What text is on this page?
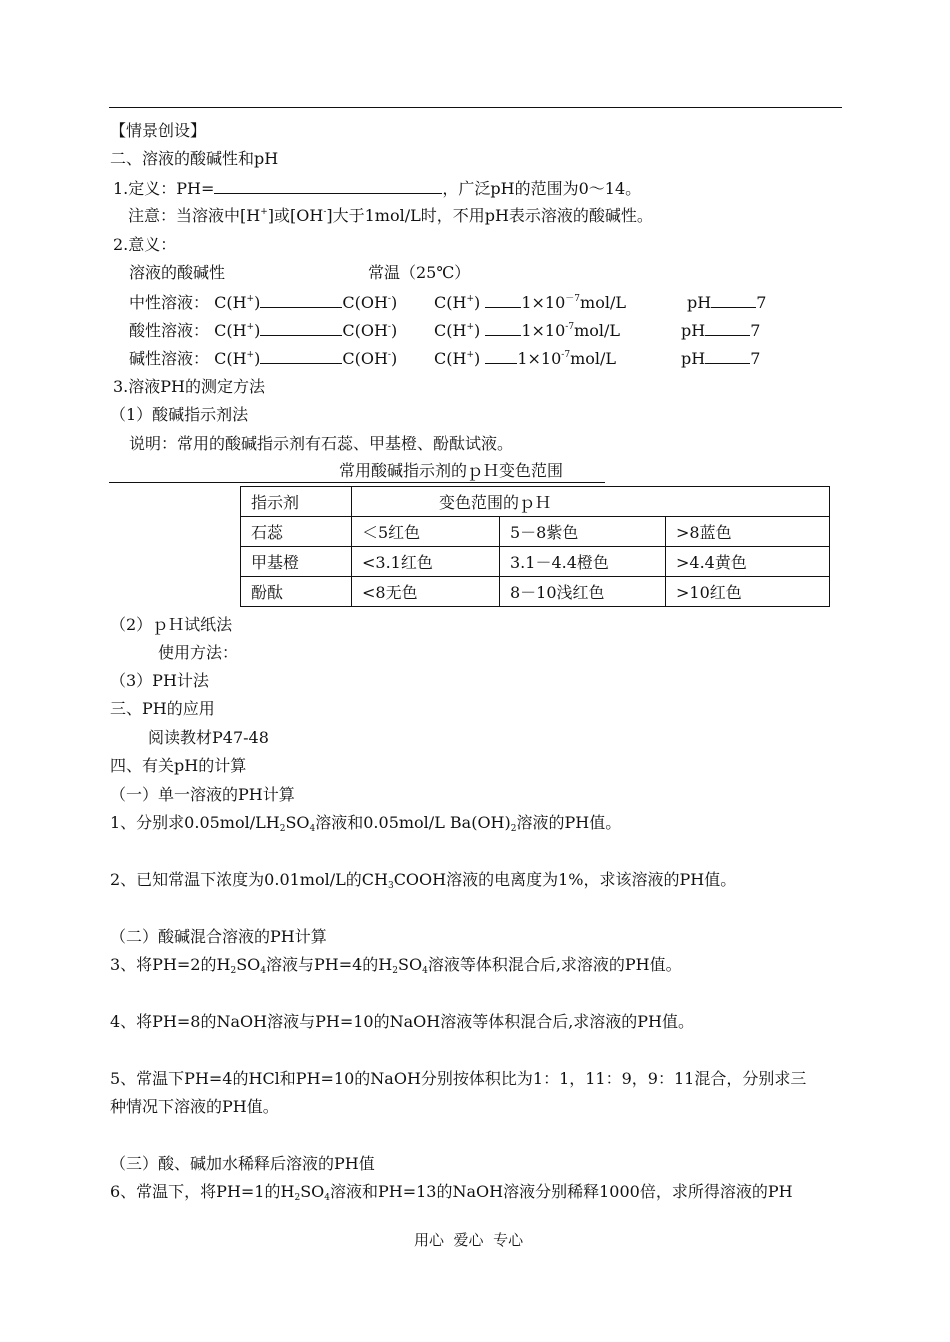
【情景创设】
二、溶液的酸碱性和pH
1.定义：PH=	，广泛pH的范围为0～14。
注意：当溶液中[H+]或[OH-]大于1mol/L时，不用pH表示溶液的酸碱性。
2.意义：
溶液的酸碱性	常温（25℃）
中性溶液： C(H+)	C(OH-) C(H+)	$1\times 10^{-7}mol/L$	pH	7
酸性溶液： C(H+)	C(OH-) C(H+)	$1\times 10^{-7}mol/L$	pH	7
碱性溶液： C(H+)	C(OH-) C(H+) $1\times 10^{-7}mol/L$	pH	7
3.溶液PH的测定方法
（1）酸碱指示剂法
说明：常用的酸碱指示剂有石蕊、甲基橙、酚酞试液。
常用酸碱指示剂的ｐＨ变色范围
指示剂	变色范围的ｐＨ		
石蕊	＜5红色	5－8紫色	>8蓝色
甲基橙	<3.1红色	3.1－4.4橙色	>4.4黄色
酚酞	<8无色	8－10浅红色	>10红色
（2）ｐＨ试纸法
使用方法：
（3）PH计法
三、PH的应用
阅读教材P47-48
四、有关pH的计算
（一）单一溶液的PH计算
1、分别求$0.05mol/LH_2SO_4$溶液和0.05mol/L $Ba(OH)_2$溶液的PH值。
2、已知常温下浓度为0.01mol/L的$CH_3COOH$溶液的电离度为1%，求该溶液的PH值。
（二）酸碱混合溶液的PH计算
3、将PH=2的$H_2SO_4$溶液与PH=4的$H_2SO_4$溶液等体积混合后,求溶液的PH值。
4、将PH=8的NaOH溶液与PH=10的NaOH溶液等体积混合后,求溶液的PH值。
5、常温下PH=4的HCl和PH=10的NaOH分别按体积比为1：1，11：9，9：11混合，分别求三
种情况下溶液的PH值。
（三）酸、碱加水稀释后溶液的PH值
6、常温下，将PH=1的$H_2SO_4$溶液和PH=13的NaOH溶液分别稀释1000倍，求所得溶液的PH
用心  爱心  专心
